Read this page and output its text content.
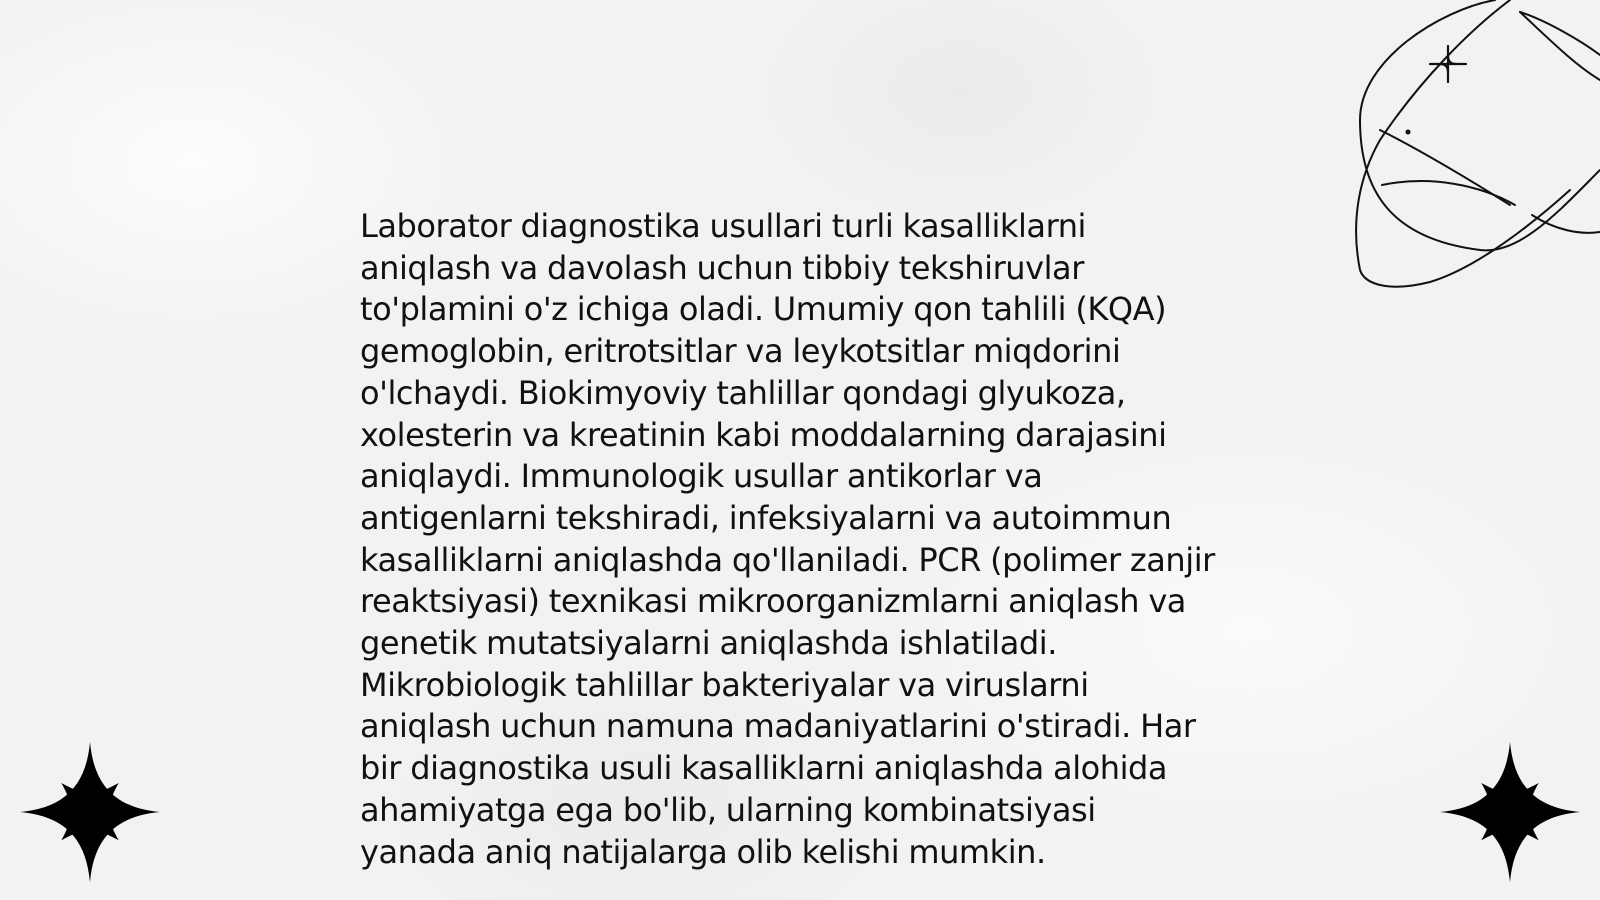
Laborator diagnostika usullari turli kasalliklarni aniqlash va davolash uchun tibbiy tekshiruvlar to'plamini o'z ichiga oladi. Umumiy qon tahlili (KQA) gemoglobin, eritrotsitlar va leykotsitlar miqdorini o'lchaydi. Biokimyoviy tahlillar qondagi glyukoza, xolesterin va kreatinin kabi moddalarning darajasini aniqlaydi. Immunologik usullar antikorlar va antigenlarni tekshiradi, infeksiyalarni va autoimmun kasalliklarni aniqlashda qo'llaniladi. PCR (polimer zanjir reaktsiyasi) texnikasi mikroorganizmlarni aniqlash va genetik mutatsiyalarni aniqlashda ishlatiladi. Mikrobiologik tahlillar bakteriyalar va viruslarni aniqlash uchun namuna madaniyatlarini o'stiradi. Har bir diagnostika usuli kasalliklarni aniqlashda alohida ahamiyatga ega bo'lib, ularning kombinatsiyasi yanada aniq natijalarga olib kelishi mumkin.
